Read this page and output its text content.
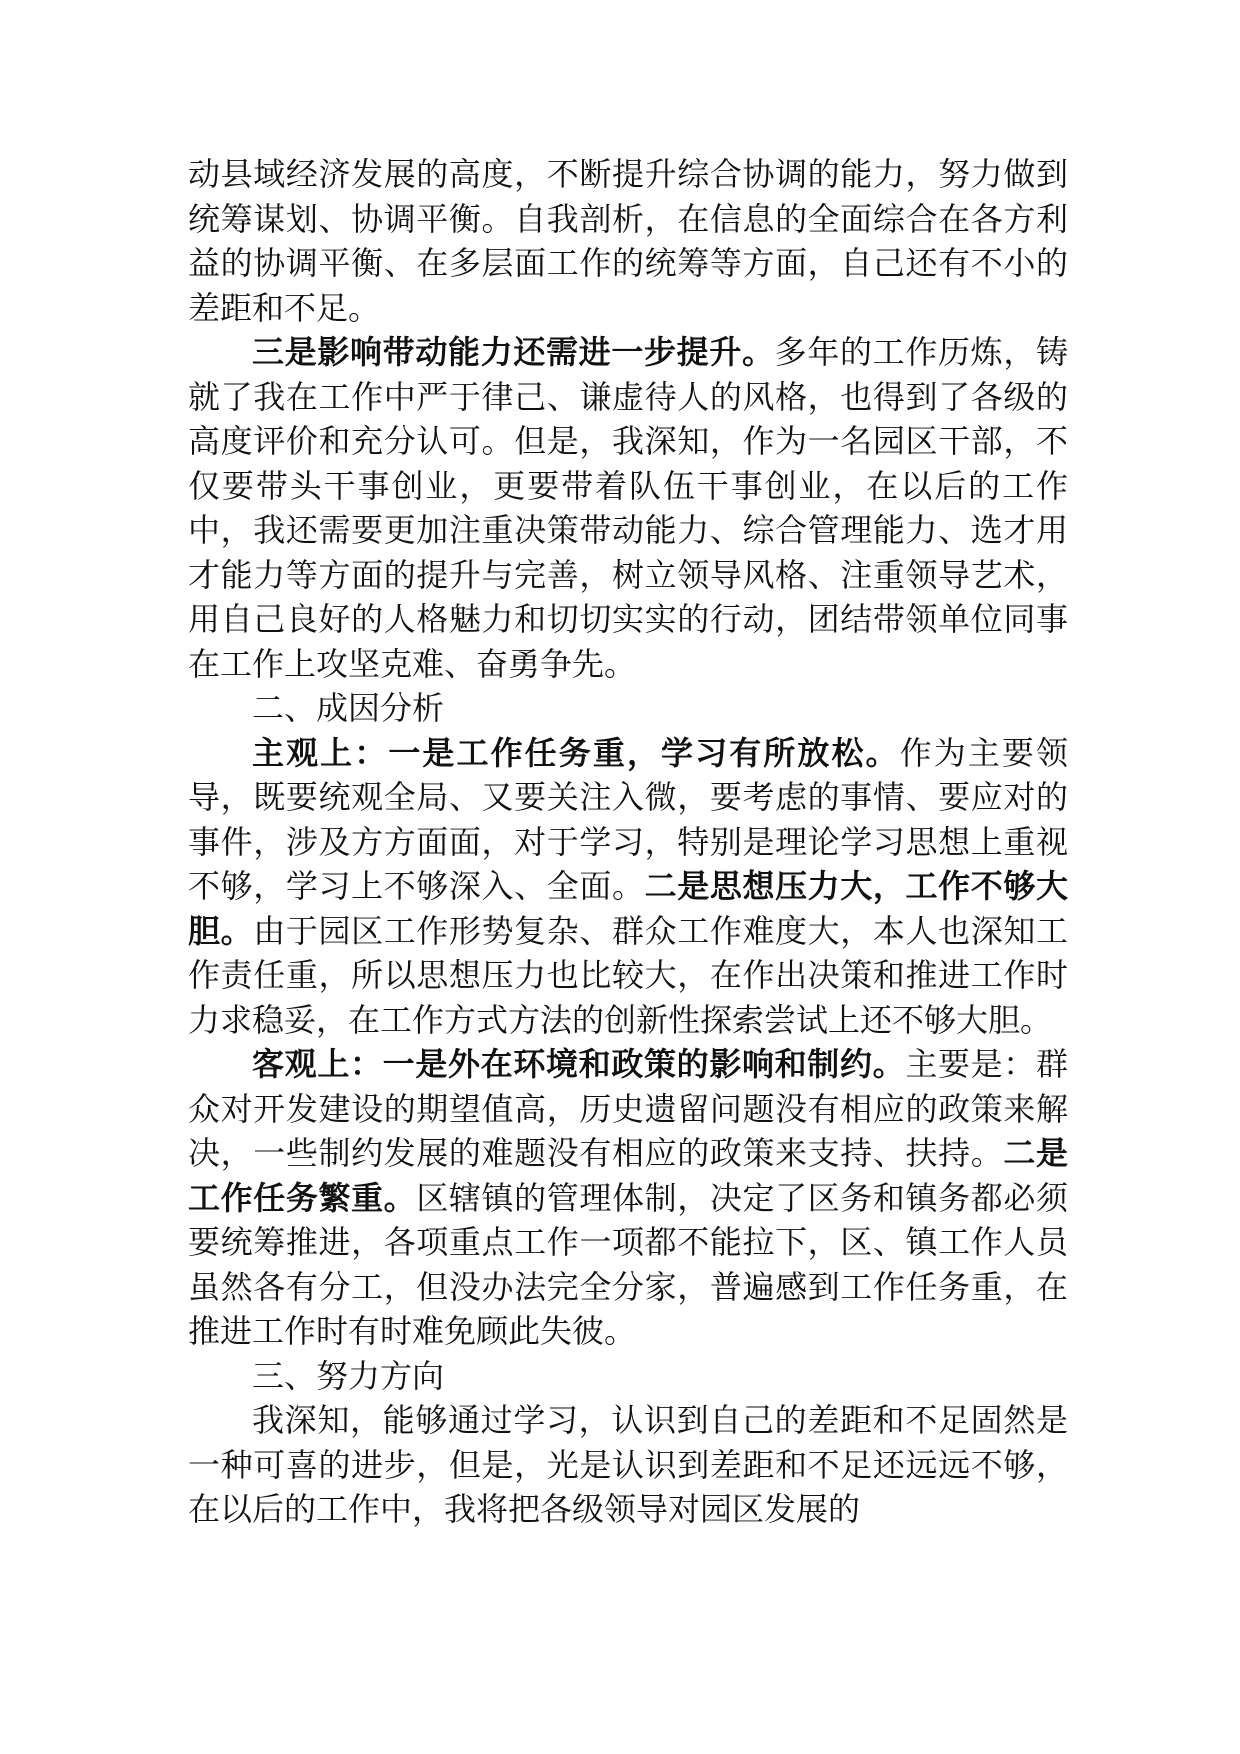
动县域经济发展的高度，不断提升综合协调的能力，努力做到统筹谋划、协调平衡。自我剖析，在信息的全面综合在各方利益的协调平衡、在多层面工作的统筹等方面，自己还有不小的差距和不足。

三是影响带动能力还需进一步提升。多年的工作历炼，铸就了我在工作中严于律己、谦虚待人的风格，也得到了各级的高度评价和充分认可。但是，我深知，作为一名园区干部，不仅要带头干事创业，更要带着队伍干事创业，在以后的工作中，我还需要更加注重决策带动能力、综合管理能力、选才用才能力等方面的提升与完善，树立领导风格、注重领导艺术，用自己良好的人格魅力和切切实实的行动，团结带领单位同事在工作上攻坚克难、奋勇争先。

二、成因分析

主观上：一是工作任务重，学习有所放松。作为主要领导，既要统观全局、又要关注入微，要考虑的事情、要应对的事件，涉及方方面面，对于学习，特别是理论学习思想上重视不够，学习上不够深入、全面。二是思想压力大，工作不够大胆。由于园区工作形势复杂、群众工作难度大，本人也深知工作责任重，所以思想压力也比较大，在作出决策和推进工作时力求稳妥，在工作方式方法的创新性探索尝试上还不够大胆。

客观上：一是外在环境和政策的影响和制约。主要是：群众对开发建设的期望值高，历史遗留问题没有相应的政策来解决，一些制约发展的难题没有相应的政策来支持、扶持。二是工作任务繁重。区辖镇的管理体制，决定了区务和镇务都必须要统筹推进，各项重点工作一项都不能拉下，区、镇工作人员虽然各有分工，但没办法完全分家，普遍感到工作任务重，在推进工作时有时难免顾此失彼。

三、努力方向

我深知，能够通过学习，认识到自己的差距和不足固然是一种可喜的进步，但是，光是认识到差距和不足还远远不够，在以后的工作中，我将把各级领导对园区发展的
